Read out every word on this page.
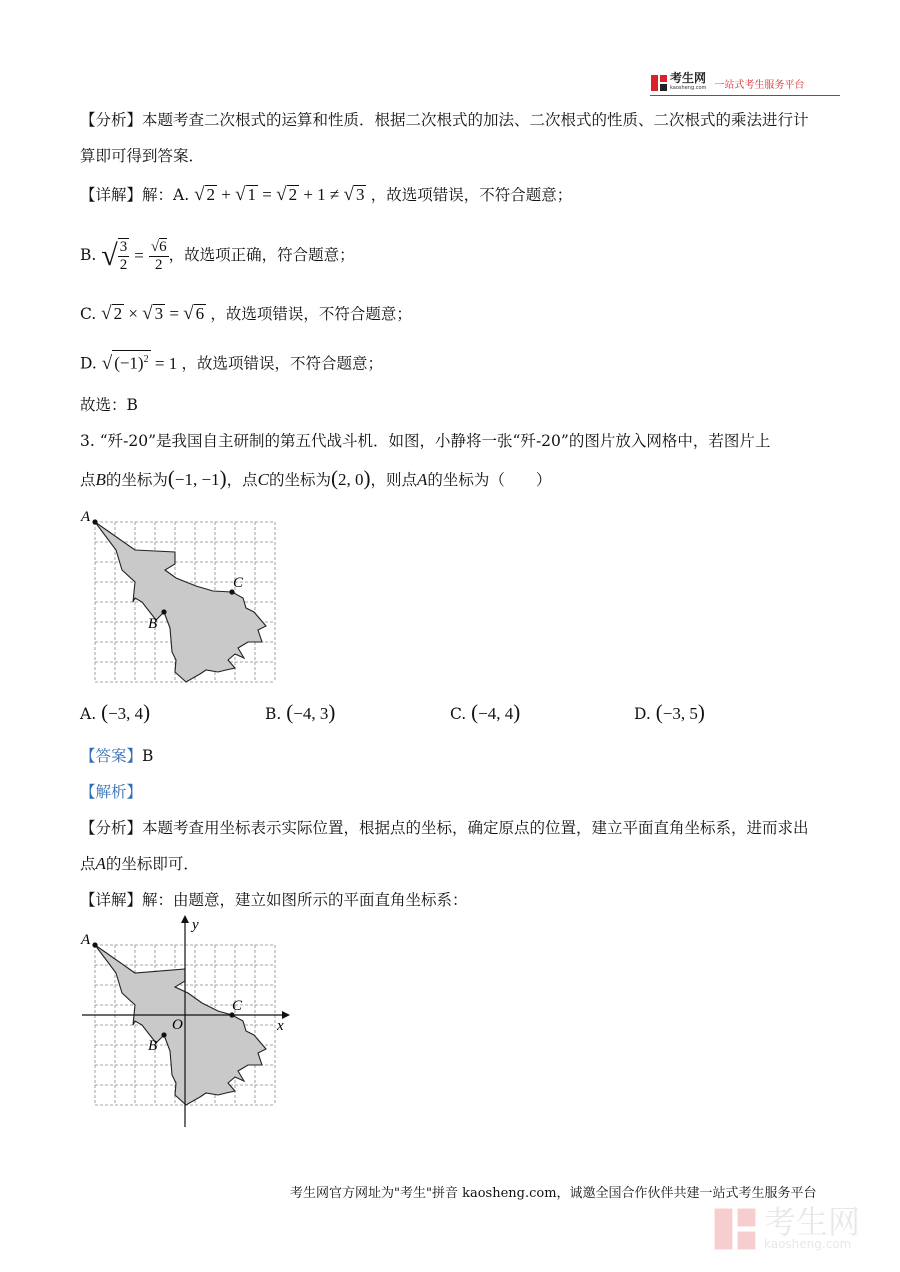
考生网
kaosheng.com 一站式考生服务平台
【分析】本题考查二次根式的运算和性质．根据二次根式的加法、二次根式的性质、二次根式的乘法进行计
算即可得到答案．
【详解】解：A. √ 2 + √ 1 = √ 2 + 1 ≠ √ 3 ，故选项错误，不符合题意；
B. √ $\frac{3}{2} = \frac{√6}{2}$ ，故选项正确，符合题意；
C. √ 2 × √ 3 = √ 6 ，故选项错误，不符合题意；
D. √ $(-1)^2 = 1$ ，故选项错误，不符合题意；
故选：B
3. “歼-20”是我国自主研制的第五代战斗机．如图，小静将一张“歼-20”的图片放入网格中，若图片上
点B的坐标为(−1, −1)，点C的坐标为(2, 0)，则点A的坐标为（　　）
A
B
C
A. (−3, 4)	B. (−4, 3)	C. (−4, 4)	D. (−3, 5)
【答案】B
【解析】
【分析】本题考查用坐标表示实际位置，根据点的坐标，确定原点的位置，建立平面直角坐标系，进而求出
点A的坐标即可．
【详解】解：由题意，建立如图所示的平面直角坐标系：
A
B
C
O	x
y
考生网官方网址为"考生"拼音 kaosheng.com，诚邀全国合作伙伴共建一站式考生服务平台
考生网
kaosheng.com
